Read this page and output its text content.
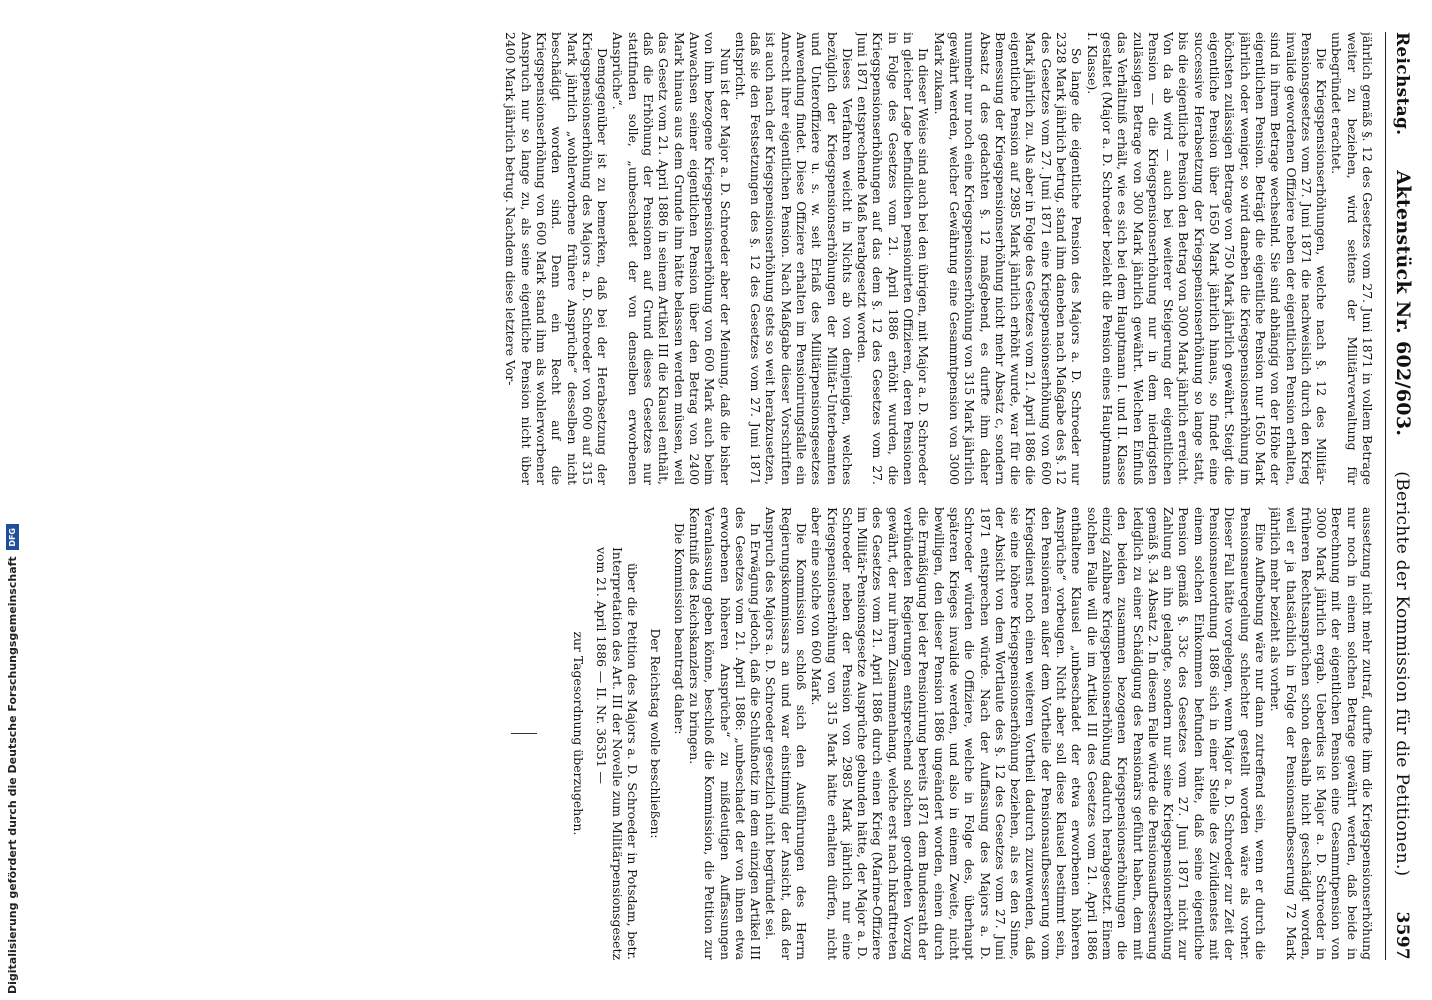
Digitalisierung gefördert durch die Deutsche Forschungsgemeinschaft
DFG
Reichstag.
Aktenstück Nr. 602/603.
(Berichte der Kommission für die Petitionen.)
3597

jährlich gemäß §. 12 des Gesetzes vom 27. Juni 1871 in vollem Betrage weiter zu beziehen, wird seitens der Militärverwaltung für unbegründet erachtet.

Die Kriegspensionserhöhungen, welche nach §. 12 des Militär-Pensionsgesetzes vom 27. Juni 1871 die nachweislich durch den Krieg invalide gewordenen Offiziere neben der eigentlichen Pension erhalten, sind in ihrem Betrage wechselnd. Sie sind abhängig von der Höhe der eigentlichen Pension. Beträgt die eigentliche Pension nur 1650 Mark jährlich oder weniger, so wird daneben die Kriegspensionserhöhung im höchsten zulässigen Betrage von 750 Mark jährlich gewährt. Steigt die eigentliche Pension über 1650 Mark jährlich hinaus, so findet eine successive Herabsetzung der Kriegspensionserhöhung so lange statt, bis die eigentliche Pension den Betrag von 3000 Mark jährlich erreicht. Von da ab wird — auch bei weiterer Steigerung der eigentlichen Pension — die Kriegspensionserhöhung nur in dem niedrigsten zulässigen Betrage von 300 Mark jährlich gewährt. Welchen Einfluß das Verhältniß erhält, wie es sich bei dem Hauptmann I. und II. Klasse gestaltet (Major a. D. Schroeder bezieht die Pension eines Hauptmanns I. Klasse).

So lange die eigentliche Pension des Majors a. D. Schroeder nur 2328 Mark jährlich betrug, stand ihm daneben nach Maßgabe des §. 12 des Gesetzes vom 27. Juni 1871 eine Kriegspensionserhöhung von 600 Mark jährlich zu. Als aber in Folge des Gesetzes vom 21. April 1886 die eigentliche Pension auf 2985 Mark jährlich erhöht wurde, war für die Bemessung der Kriegspensionserhöhung nicht mehr Absatz c, sondern Absatz d des gedachten §. 12 maßgebend, es durfte ihm daher nunmehr nur noch eine Kriegspensionserhöhung von 315 Mark jährlich gewährt werden, welcher Gewährung eine Gesammtpension von 3000 Mark zukam.

In dieser Weise sind auch bei den übrigen, mit Major a. D. Schroeder in gleicher Lage befindlichen pensionirten Offizieren, deren Pensionen in Folge des Gesetzes vom 21. April 1886 erhöht wurden, die Kriegspensionserhöhungen auf das dem §. 12 des Gesetzes vom 27. Juni 1871 entsprechende Maß herabgesetzt worden.

Dieses Verfahren weicht in Nichts ab von demjenigen, welches bezüglich der Kriegspensionserhöhungen der Militär-Unterbeamten und Unteroffiziere u. s. w. seit Erlaß des Militärpensionsgesetzes Anwendung findet. Diese Offiziere erhalten im Pensionirungsfalle ein Anrecht ihrer eigentlichen Pension. Nach Maßgabe dieser Vorschriften ist auch nach der Kriegspensionserhöhung stets so weit herabzusetzen, daß sie den Festsetzungen des §. 12 des Gesetzes vom 27. Juni 1871 entspricht.

Nun ist der Major a. D. Schroeder aber der Meinung, daß die bisher von ihm bezogene Kriegspensionserhöhung von 600 Mark auch beim Anwachsen seiner eigentlichen Pension über den Betrag von 2400 Mark hinaus aus dem Grunde ihm hätte belassen werden müssen, weil das Gesetz vom 21. April 1886 in seinem Artikel III die Klausel enthält, daß die Erhöhung der Pensionen auf Grund dieses Gesetzes nur stattfinden solle, „unbeschadet der von denselben erworbenen Ansprüche“.

Demgegenüber ist zu bemerken, daß bei der Herabsetzung der Kriegspensionserhöhung des Majors a. D. Schroeder von 600 auf 315 Mark jährlich „wohlerworbene frühere Ansprüche“ desselben nicht beschädigt worden sind. Denn ein Recht auf die Kriegspensionserhöhung von 600 Mark stand ihm als wohlerworbener Anspruch nur so lange zu, als seine eigentliche Pension nicht über 2400 Mark jährlich betrug. Nachdem diese letztere Vor-

aussetzung nicht mehr zutraf, durfte ihm die Kriegspensionserhöhung nur noch in einem solchen Betrage gewährt werden, daß beide in Berechnung mit der eigentlichen Pension eine Gesammtpension von 3000 Mark jährlich ergab. Ueberdies ist Major a. D. Schroeder in früheren Rechtsansprüchen schon deshalb nicht geschädigt worden, weil er ja thatsächlich in Folge der Pensionsaufbesserung 72 Mark jährlich mehr bezieht als vorher.

Eine Aufhebung wäre nur dann zutreffend sein, wenn er durch die Pensionsneuregelung schlechter gestellt worden wäre als vorher. Dieser Fall hätte vorgelegen, wenn Major a. D. Schroeder zur Zeit der Pensionsneuordnung 1886 sich in einer Stelle des Zivildienstes mit einem solchen Einkommen befunden hätte, daß seine eigentliche Pension gemäß §. 33c des Gesetzes vom 27. Juni 1871 nicht zur Zahlung an ihn gelangte, sondern nur seine Kriegspensionserhöhung gemäß §. 34 Absatz 2. In diesem Falle würde die Pensionsaufbesserung lediglich zu einer Schädigung des Pensionärs geführt haben, dem mit den beiden zusammen bezogenen Kriegspensionserhöhungen die einzig zahlbare Kriegspensionserhöhung dadurch herabgesetzt. Einem solchen Falle will die im Artikel III des Gesetzes vom 21. April 1886 enthaltene Klausel „unbeschadet der etwa erworbenen höheren Ansprüche“ vorbeugen. Nicht aber soll diese Klausel bestimmt sein, den Pensionären außer dem Vortheile der Pensionsaufbesserung vom Kriegsdienst noch einen weiteren Vortheil dadurch zuzuwenden, daß sie eine höhere Kriegspensionserhöhung beziehen, als es den Sinne, der Absicht von dem Wortlaute des §. 12 des Gesetzes vom 27. Juni 1871 entsprechen würde. Nach der Auffassung des Majors a. D. Schroeder würden die Offiziere, welche in Folge des, überhaupt späteren Krieges invalide werden, und also in einem Zweite, nicht bewilligen, den dieser Pension 1886 ungeändert worden, einen durch die Ermäßigung bei der Pensionirung bereits 1871 dem Bundesrath der verbündeten Regierungen entsprechend solchen geordneten Vorzug gewährt, der nur ihrem Zusammenhang, welche erst nach Inkrafttreten des Gesetzes vom 21. April 1886 durch einen Krieg (Marine-Offiziere im Militär-Pensionsgesetze Ausprüche gebunden hätte, der Major a. D. Schroeder neben der Pension von 2985 Mark jährlich nur eine Kriegspensionserhöhung von 315 Mark hätte erhalten dürfen, nicht aber eine solche von 600 Mark.

Die Kommission schloß sich den Ausführungen des Herrn Regierungskommissars an und war einstimmig der Ansicht, daß der Anspruch des Majors a. D. Schroeder gesetzlich nicht begründet sei.

In Erwägung jedoch, daß die Schlußnotiz im dem einzigen Artikel III des Gesetzes vom 21. April 1886: „unbeschadet der von ihnen etwa erworbenen höheren Ansprüche“ zu mißdeutigen Auffassungen Veranlassung geben könne, beschloß die Kommission, die Petition zur Kenntniß des Reichskanzlers zu bringen.

Die Kommission beantragt daher:

Der Reichstag wolle beschließen:

über die Petition des Majors a. D. Schroeder in Potsdam, betr. Interpretation des Art. III der Novelle zum Militärpensionsgesetz vom 21. April 1886 — II. Nr. 36351 —

zur Tagesordnung überzugehen.
